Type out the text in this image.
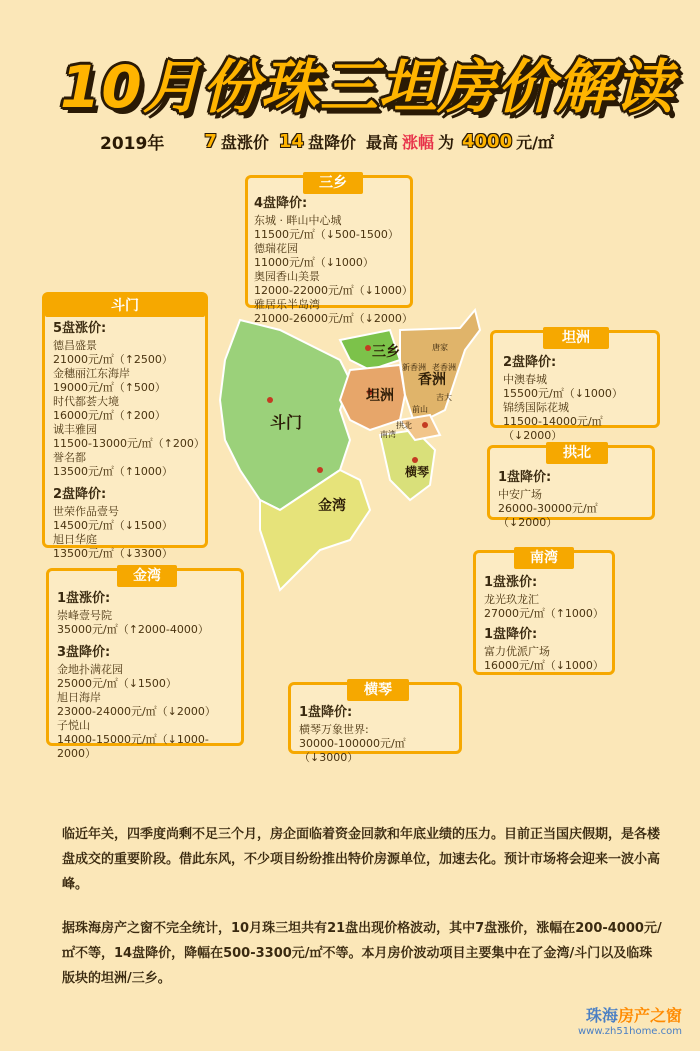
10月份珠三坦房价解读
2019年 7 盘涨价 14 盘降价 最高 涨幅 为 4000 元/㎡
三乡
坦洲
香洲
斗门
金湾
横琴
新香洲 老香洲
唐家
吉大
前山
拱北
南湾
三乡
4盘降价:
东城 · 畔山中心城
11500元/㎡（↓500-1500）
德瑞花园
11000元/㎡（↓1000）
奥园香山美景
12000-22000元/㎡（↓1000）
雅居乐半岛湾
21000-26000元/㎡（↓2000）
斗门
5盘涨价:
德昌盛景
21000元/㎡（↑2500）
金穗丽江东海岸
19000元/㎡（↑500）
时代都荟大境
16000元/㎡（↑200）
诚丰雅园
11500-13000元/㎡（↑200）
誉名都
13500元/㎡（↑1000）
2盘降价:
世荣作品壹号
14500元/㎡（↓1500）
旭日华庭
13500元/㎡（↓3300）
坦洲
2盘降价:
中澳春城
15500元/㎡（↓1000）
锦绣国际花城
11500-14000元/㎡（↓2000）
拱北
1盘降价:
中安广场
26000-30000元/㎡（↓2000）
南湾
1盘涨价:
龙光玖龙汇
27000元/㎡（↑1000）
1盘降价:
富力优派广场
16000元/㎡（↓1000）
金湾
1盘涨价:
崇峰壹号院
35000元/㎡（↑2000-4000）
3盘降价:
金地扑满花园
25000元/㎡（↓1500）
旭日海岸
23000-24000元/㎡（↓2000）
子悦山
14000-15000元/㎡（↓1000-2000）
横琴
1盘降价:
横琴万象世界:
30000-100000元/㎡（↓3000）
临近年关，四季度尚剩不足三个月，房企面临着资金回款和年底业绩的压力。目前正当国庆假期，是各楼盘成交的重要阶段。借此东风，不少项目纷纷推出特价房源单位，加速去化。预计市场将会迎来一波小高峰。
据珠海房产之窗不完全统计，10月珠三坦共有21盘出现价格波动，其中7盘涨价，涨幅在200-4000元/㎡不等，14盘降价，降幅在500-3300元/㎡不等。本月房价波动项目主要集中在了金湾/斗门以及临珠版块的坦洲/三乡。
珠海房产之窗
www.zh51home.com
